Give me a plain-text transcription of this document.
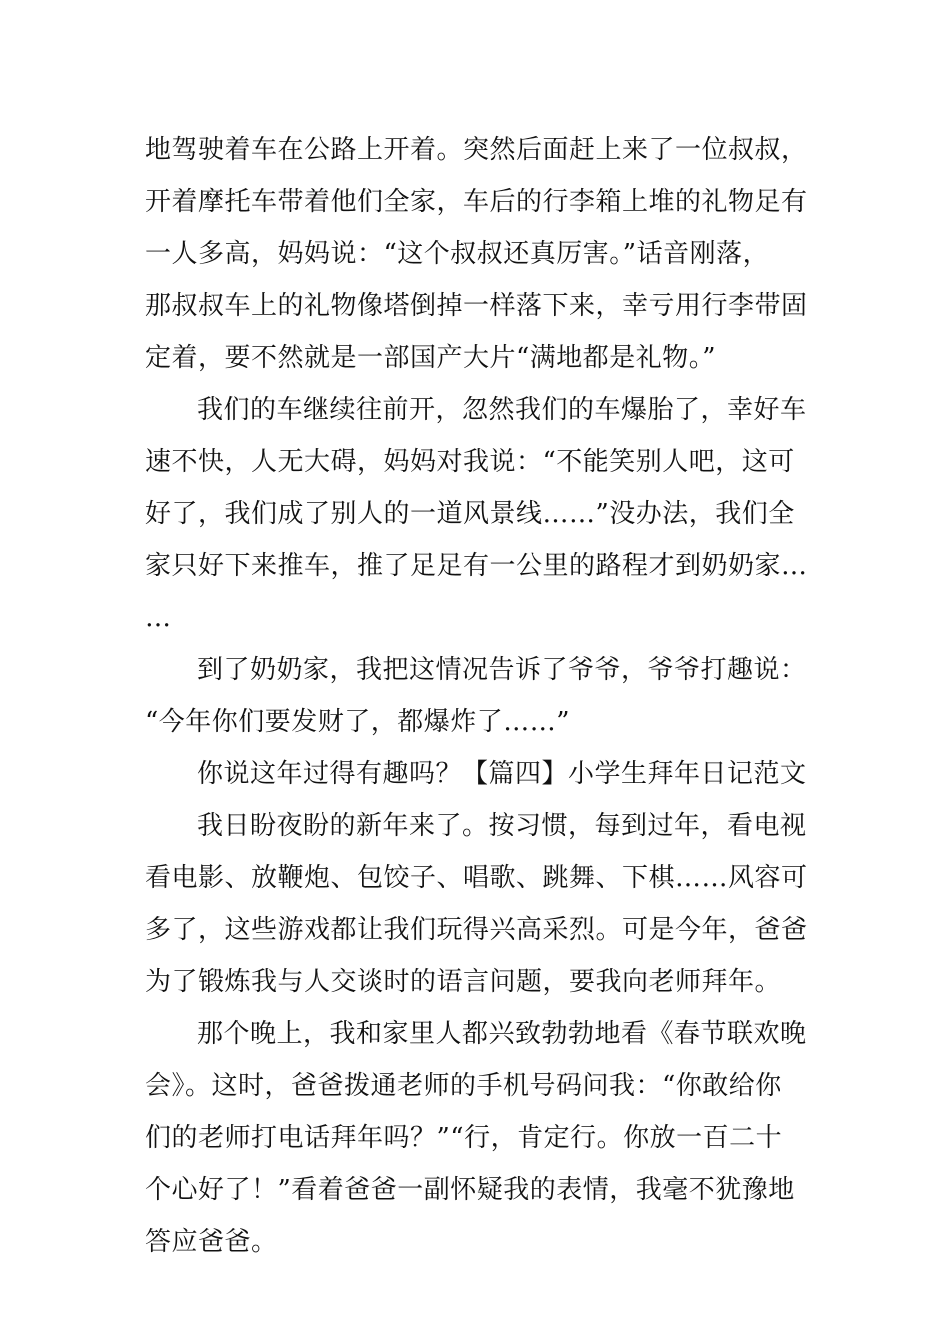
地驾驶着车在公路上开着。突然后面赶上来了一位叔叔，
开着摩托车带着他们全家，车后的行李箱上堆的礼物足有
一人多高，妈妈说：“这个叔叔还真厉害。”话音刚落，
那叔叔车上的礼物像塔倒掉一样落下来，幸亏用行李带固
定着，要不然就是一部国产大片“满地都是礼物。”
我们的车继续往前开，忽然我们的车爆胎了，幸好车
速不快，人无大碍，妈妈对我说：“不能笑别人吧，这可
好了，我们成了别人的一道风景线……”没办法，我们全
家只好下来推车，推了足足有一公里的路程才到奶奶家…
…
到了奶奶家，我把这情况告诉了爷爷，爷爷打趣说：
“今年你们要发财了，都爆炸了……”
你说这年过得有趣吗？【篇四】小学生拜年日记范文
我日盼夜盼的新年来了。按习惯，每到过年，看电视
看电影、放鞭炮、包饺子、唱歌、跳舞、下棋……风容可
多了，这些游戏都让我们玩得兴高采烈。可是今年，爸爸
为了锻炼我与人交谈时的语言问题，要我向老师拜年。
那个晚上，我和家里人都兴致勃勃地看《春节联欢晚
会》。这时，爸爸拨通老师的手机号码问我：“你敢给你
们的老师打电话拜年吗？”“行，肯定行。你放一百二十
个心好了！”看着爸爸一副怀疑我的表情，我毫不犹豫地
答应爸爸。
